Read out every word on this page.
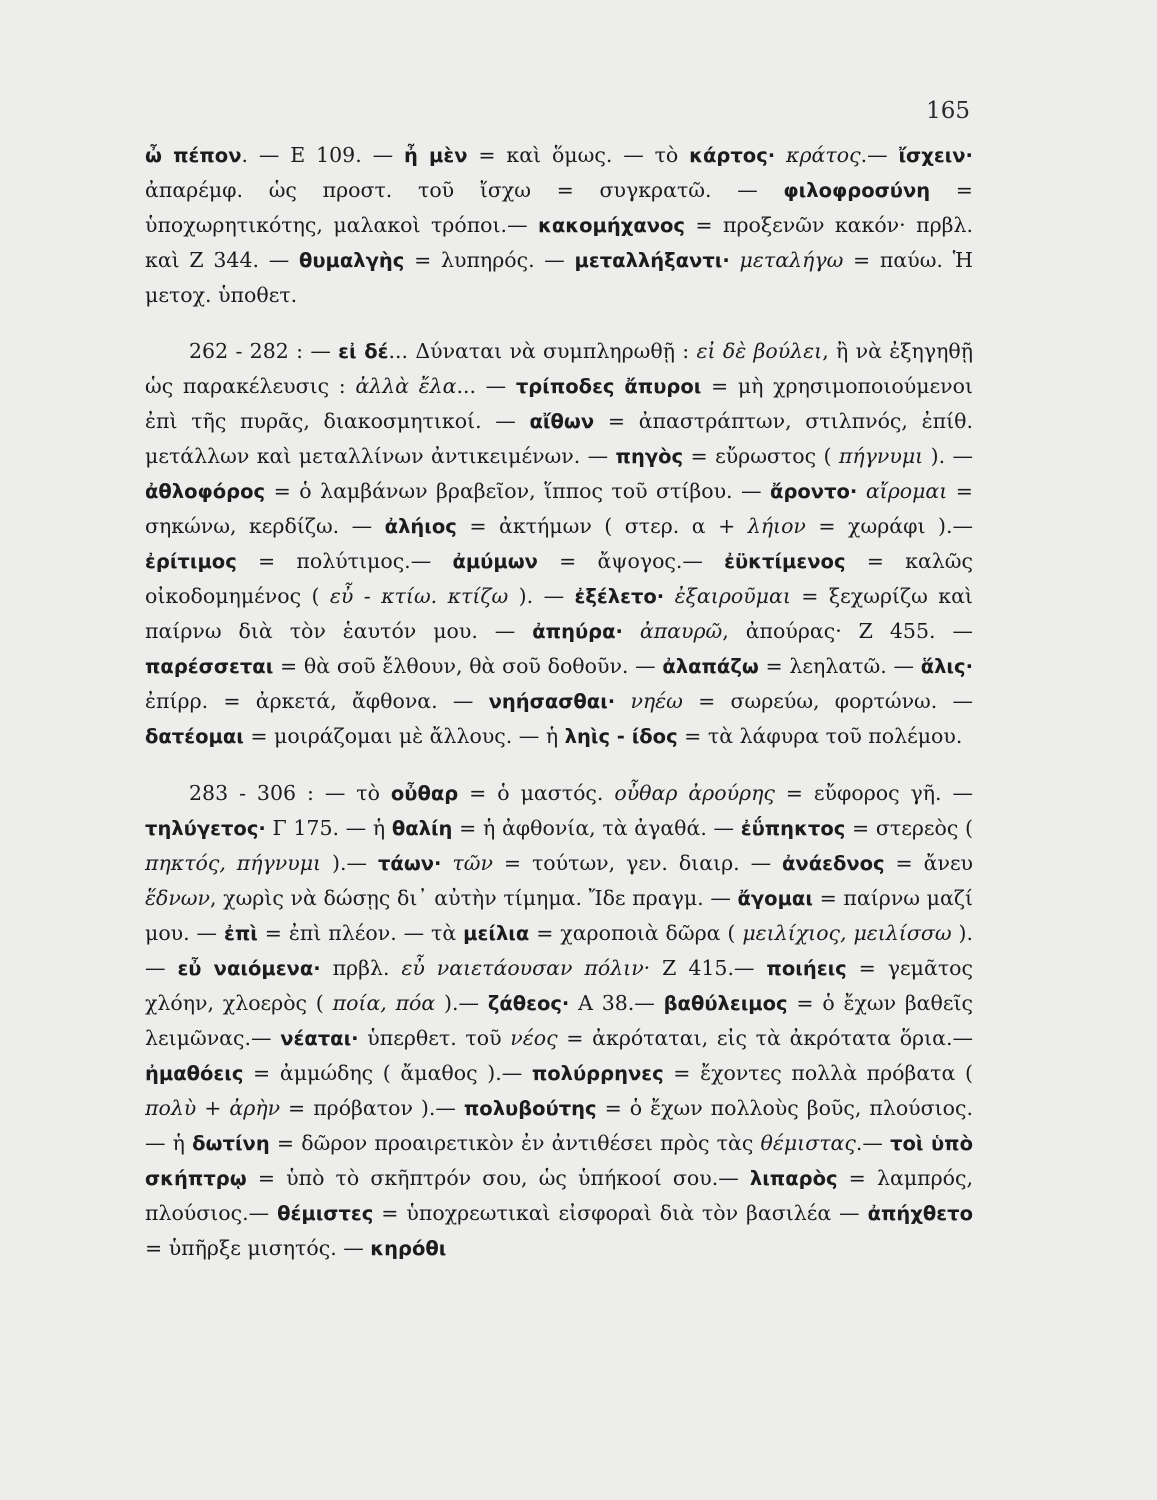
165

ὦ πέπον. — Ε 109. — ἦ μὲν = καὶ ὅμως. — τὸ κάρτος· κράτος.— ἴσχειν· ἀπαρέμφ. ὡς προστ. τοῦ ἴσχω = συγκρατῶ. — φιλοφροσύνη = ὑποχωρητικότης, μαλακοὶ τρόποι.— κακομήχανος = προξενῶν κακόν· πρβλ. καὶ Ζ 344. — θυμαλγὴς = λυπηρός. — μεταλλήξαντι· μεταλήγω = παύω. Ἡ μετοχ. ὑποθετ.

262 - 282 : — εἰ δέ... Δύναται νὰ συμπληρωθῇ : εἰ δὲ βούλει, ἢ νὰ ἐξηγηθῇ ὡς παρακέλευσις : ἀλλὰ ἔλα... — τρίποδες ἄπυροι = μὴ χρησιμοποιούμενοι ἐπὶ τῆς πυρᾶς, διακοσμητικοί. — αἴθων = ἀπαστράπτων, στιλπνός, ἐπίθ. μετάλλων καὶ μεταλλίνων ἀντικειμένων. — πηγὸς = εὔρωστος ( πήγνυμι ). — ἀθλοφόρος = ὁ λαμβάνων βραβεῖον, ἵππος τοῦ στίβου. — ἄροντο· αἴρομαι = σηκώνω, κερδίζω. — ἀλήιος = ἀκτήμων ( στερ. α + λήιον = χωράφι ).— ἐρίτιμος = πολύτιμος.— ἀμύμων = ἄψογος.— ἐϋκτίμενος = καλῶς οἰκοδομημένος ( εὖ - κτίω. κτίζω ). — ἐξέλετο· ἐξαιροῦμαι = ξεχωρίζω καὶ παίρνω διὰ τὸν ἑαυτόν μου. — ἀπηύρα· ἀπαυρῶ, ἀπούρας· Ζ 455. — παρέσσεται = θὰ σοῦ ἔλθουν, θὰ σοῦ δοθοῦν. — ἀλαπάζω = λεηλατῶ. — ἅλις· ἐπίρρ. = ἀρκετά, ἄφθονα. — νηήσασθαι· νηέω = σωρεύω, φορτώνω. — δατέομαι = μοιράζομαι μὲ ἄλλους. — ἡ ληὶς - ίδος = τὰ λάφυρα τοῦ πολέμου.

283 - 306 : — τὸ οὖθαρ = ὁ μαστός. οὖθαρ ἀρούρης = εὔφορος γῆ. — τηλύγετος· Γ 175. — ἡ θαλίη = ἡ ἀφθονία, τὰ ἀγαθά. — ἐΰπηκτος = στερεὸς ( πηκτός, πήγνυμι ).— τάων· τῶν = τούτων, γεν. διαιρ. — ἀνάεδνος = ἄνευ ἕδνων, χωρὶς νὰ δώσῃς δι᾽ αὐτὴν τίμημα. Ἴδε πραγμ. — ἄγομαι = παίρνω μαζί μου. — ἐπὶ = ἐπὶ πλέον. — τὰ μείλια = χαροποιὰ δῶρα ( μειλίχιος, μειλίσσω ).— εὖ ναιόμενα· πρβλ. εὖ ναιετάουσαν πόλιν· Ζ 415.— ποιήεις = γεμᾶτος χλόην, χλοερὸς ( ποία, πόα ).— ζάθεος· Α 38.— βαθύλειμος = ὁ ἔχων βαθεῖς λειμῶνας.— νέαται· ὑπερθετ. τοῦ νέος = ἀκρόταται, εἰς τὰ ἀκρότατα ὅρια.— ἠμαθόεις = ἀμμώδης ( ἄμαθος ).— πολύρρηνες = ἔχοντες πολλὰ πρόβατα ( πολὺ + ἀρὴν = πρόβατον ).— πολυβούτης = ὁ ἔχων πολλοὺς βοῦς, πλούσιος.— ἡ δωτίνη = δῶρον προαιρετικὸν ἐν ἀντιθέσει πρὸς τὰς θέμιστας.— τοὶ ὑπὸ σκήπτρῳ = ὑπὸ τὸ σκῆπτρόν σου, ὡς ὑπήκοοί σου.— λιπαρὸς = λαμπρός, πλούσιος.— θέμιστες = ὑποχρεωτικαὶ εἰσφοραὶ διὰ τὸν βασιλέα — ἀπήχθετο = ὑπῆρξε μισητός. — κηρόθι
